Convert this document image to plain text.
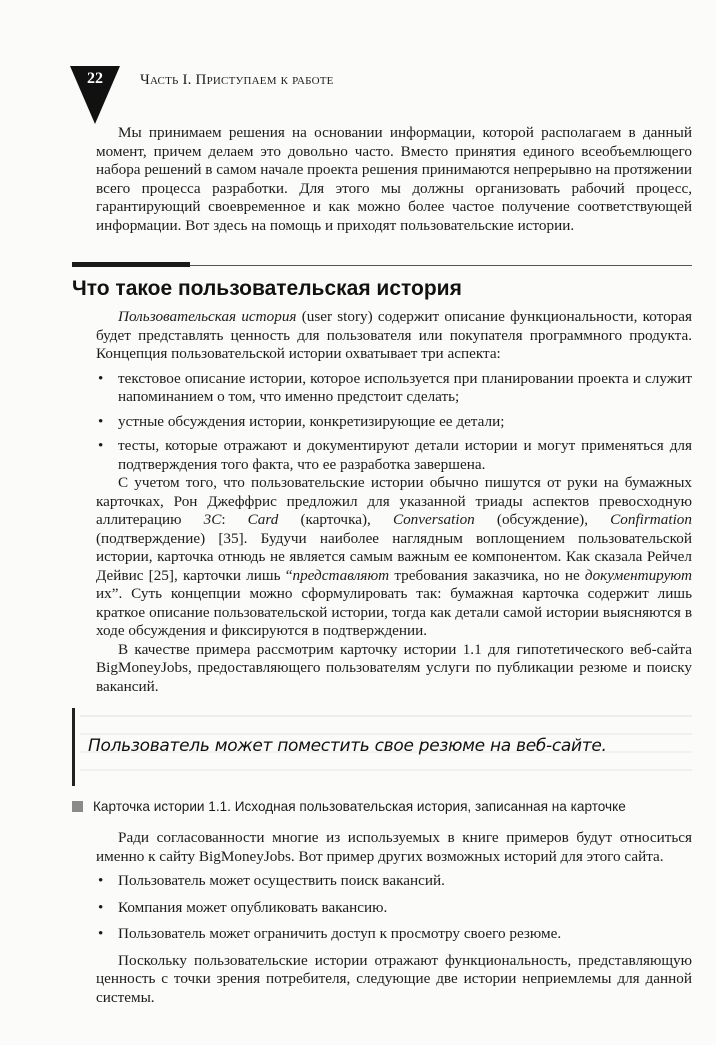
22	Часть I. Приступаем к работе

Мы принимаем решения на основании информации, которой располагаем в данный момент, причем делаем это довольно часто. Вместо принятия единого всеобъемлющего набора решений в самом начале проекта решения принимаются непрерывно на протяжении всего процесса разработки. Для этого мы должны организовать рабочий процесс, гарантирующий своевременное и как можно более частое получение соответствующей информации. Вот здесь на помощь и приходят пользовательские истории.

Что такое пользовательская история

Пользовательская история (user story) содержит описание функциональности, которая будет представлять ценность для пользователя или покупателя программного продукта. Концепция пользовательской истории охватывает три аспекта:

• текстовое описание истории, которое используется при планировании проекта и служит напоминанием о том, что именно предстоит сделать;
• устные обсуждения истории, конкретизирующие ее детали;
• тесты, которые отражают и документируют детали истории и могут применяться для подтверждения того факта, что ее разработка завершена.

С учетом того, что пользовательские истории обычно пишутся от руки на бумажных карточках, Рон Джеффрис предложил для указанной триады аспектов превосходную аллитерацию 3С: Card (карточка), Conversation (обсуждение), Confirmation (подтверждение) [35]. Будучи наиболее наглядным воплощением пользовательской истории, карточка отнюдь не является самым важным ее компонентом. Как сказала Рейчел Дейвис [25], карточки лишь “представляют требования заказчика, но не документируют их”. Суть концепции можно сформулировать так: бумажная карточка содержит лишь краткое описание пользовательской истории, тогда как детали самой истории выясняются в ходе обсуждения и фиксируются в подтверждении.

В качестве примера рассмотрим карточку истории 1.1 для гипотетического веб-сайта BigMoneyJobs, предоставляющего пользователям услуги по публикации резюме и поиску вакансий.

Пользователь может поместить свое резюме на веб-сайте.
Карточка истории 1.1. Исходная пользовательская история, записанная на карточке

Ради согласованности многие из используемых в книге примеров будут относиться именно к сайту BigMoneyJobs. Вот пример других возможных историй для этого сайта.

• Пользователь может осуществить поиск вакансий.
• Компания может опубликовать вакансию.
• Пользователь может ограничить доступ к просмотру своего резюме.

Поскольку пользовательские истории отражают функциональность, представляющую ценность с точки зрения потребителя, следующие две истории неприемлемы для данной системы.
